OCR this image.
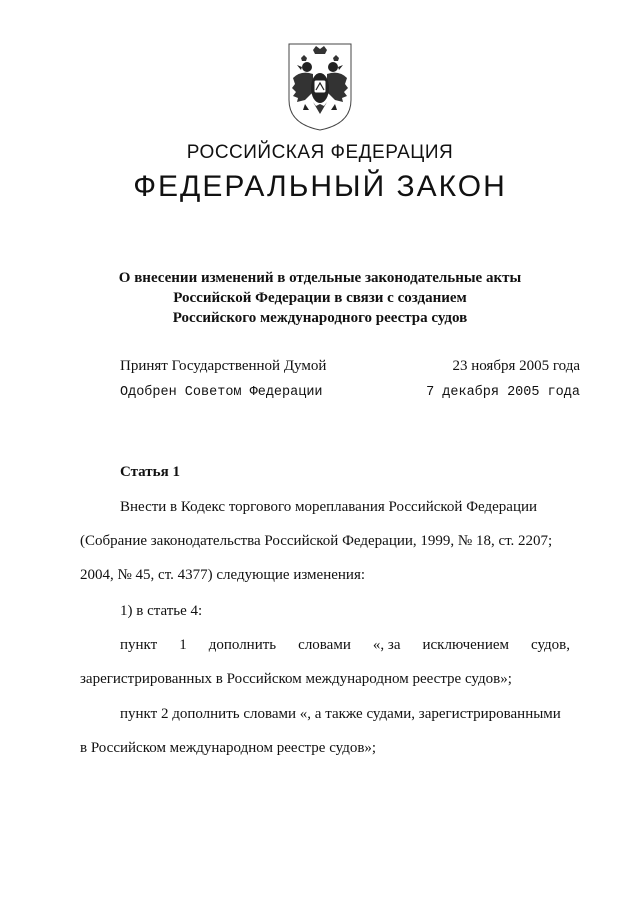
РОССИЙСКАЯ ФЕДЕРАЦИЯ
ФЕДЕРАЛЬНЫЙ ЗАКОН
О внесении изменений в отдельные законодательные акты
Российской Федерации в связи с созданием
Российского международного реестра судов
Принят Государственной Думой	23 ноября 2005 года
Одобрен Советом Федерации	7 декабря 2005 года
Статья 1
Внести в Кодекс торгового мореплавания Российской Федерации
(Собрание законодательства Российской Федерации, 1999, № 18, ст. 2207;
2004, № 45, ст. 4377) следующие изменения:
1) в статье 4:
пункт 1 дополнить словами «, за исключением судов,
зарегистрированных в Российском международном реестре судов»;
пункт 2 дополнить словами «, а также судами, зарегистрированными
в Российском международном реестре судов»;
